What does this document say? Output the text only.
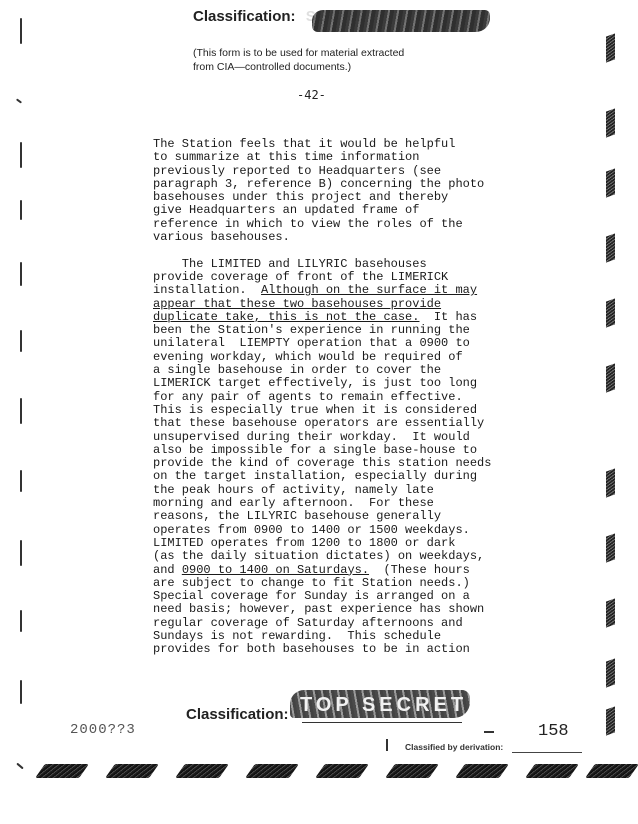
Classification: SECRET
(This form is to be used for material extracted
from CIA—controlled documents.)
-42-
The Station feels that it would be helpful
to summarize at this time information
previously reported to Headquarters (see
paragraph 3, reference B) concerning the photo
basehouses under this project and thereby
give Headquarters an updated frame of
reference in which to view the roles of the
various basehouses.

The LIMITED and LILYRIC basehouses
provide coverage of front of the LIMERICK
installation.  Although on the surface it may
appear that these two basehouses provide
duplicate take, this is not the case.  It has
been the Station's experience in running the
unilateral  LIEMPTY operation that a 0900 to
evening workday, which would be required of
a single basehouse in order to cover the
LIMERICK target effectively, is just too long
for any pair of agents to remain effective.
This is especially true when it is considered
that these basehouse operators are essentially
unsupervised during their workday.  It would
also be impossible for a single base-house to
provide the kind of coverage this station needs
on the target installation, especially during
the peak hours of activity, namely late
morning and early afternoon.  For these
reasons, the LILYRIC basehouse generally
operates from 0900 to 1400 or 1500 weekdays.
LIMITED operates from 1200 to 1800 or dark
(as the daily situation dictates) on weekdays,
and 0900 to 1400 on Saturdays.  (These hours
are subject to change to fit Station needs.)
Special coverage for Sunday is arranged on a
need basis; however, past experience has shown
regular coverage of Saturday afternoons and
Sundays is not rewarding.  This schedule
provides for both basehouses to be in action
TOP SECRET
Classification:
2000??3	158
Classified by derivation:
